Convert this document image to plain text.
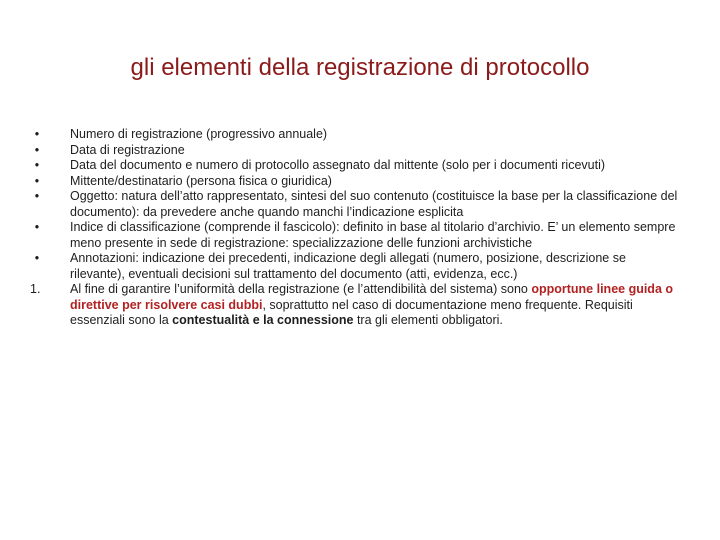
gli elementi della registrazione di protocollo
•	Numero di registrazione (progressivo annuale)
•	Data di registrazione
•	Data del documento e numero di protocollo assegnato dal mittente (solo per i documenti ricevuti)
•	Mittente/destinatario (persona fisica o giuridica)
•	Oggetto: natura dell’atto rappresentato, sintesi del suo contenuto (costituisce la base per la classificazione del documento): da prevedere anche quando manchi l’indicazione esplicita
•	Indice di classificazione (comprende il fascicolo): definito in base al titolario d’archivio. E’ un elemento sempre meno presente in sede di registrazione: specializzazione delle funzioni archivistiche
•	Annotazioni: indicazione dei precedenti, indicazione degli allegati (numero, posizione, descrizione se rilevante), eventuali decisioni sul trattamento del documento (atti, evidenza, ecc.)
1.	Al fine di garantire l’uniformità della registrazione (e l’attendibilità del sistema) sono opportune linee guida o direttive per risolvere casi dubbi, soprattutto nel caso di documentazione meno frequente. Requisiti essenziali sono la contestualità e la connessione tra gli elementi obbligatori.
